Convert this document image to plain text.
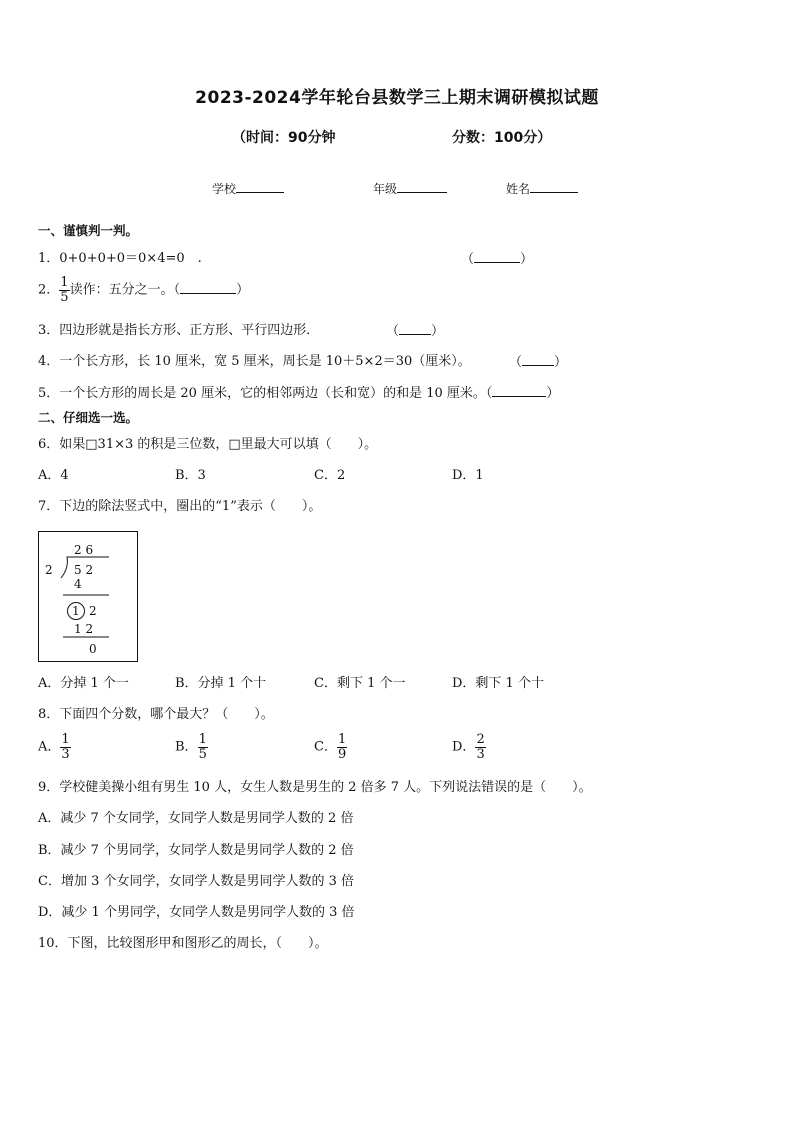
2023-2024学年轮台县数学三上期末调研模拟试题
（时间：90分钟	分数：100分）
学校	年级	姓名
一、谨慎判一判。
1．0+0+0+0＝0×4=0　.	（	）
2． $\frac{1}{5}$ 读作：五分之一。（	）
3．四边形就是指长方形、正方形、平行四边形．	（ ）
4．一个长方形，长 10 厘米，宽 5 厘米，周长是 10＋5×2＝30（厘米）。	（ ）
5．一个长方形的周长是 20 厘米，它的相邻两边（长和宽）的和是 10 厘米。（	）
二、仔细选一选。
6．如果□31×3 的积是三位数，□里最大可以填（　　）。
A．4	B．3	C．2	D．1
7．下边的除法竖式中，圈出的“1”表示（　　）。
2 6
2 5 2
4
1 2
1 2
0
A．分掉 1 个一	B．分掉 1 个十	C．剩下 1 个一	D．剩下 1 个十
8．下面四个分数，哪个最大？（　　）。
A． $\frac{1}{3}$	B． $\frac{1}{5}$	C． $\frac{1}{9}$	D． $\frac{2}{3}$
9．学校健美操小组有男生 10 人，女生人数是男生的 2 倍多 7 人。下列说法错误的是（　　）。
A．减少 7 个女同学，女同学人数是男同学人数的 2 倍
B．减少 7 个男同学，女同学人数是男同学人数的 2 倍
C．增加 3 个女同学，女同学人数是男同学人数的 3 倍
D．减少 1 个男同学，女同学人数是男同学人数的 3 倍
10．下图，比较图形甲和图形乙的周长，（　　）。
